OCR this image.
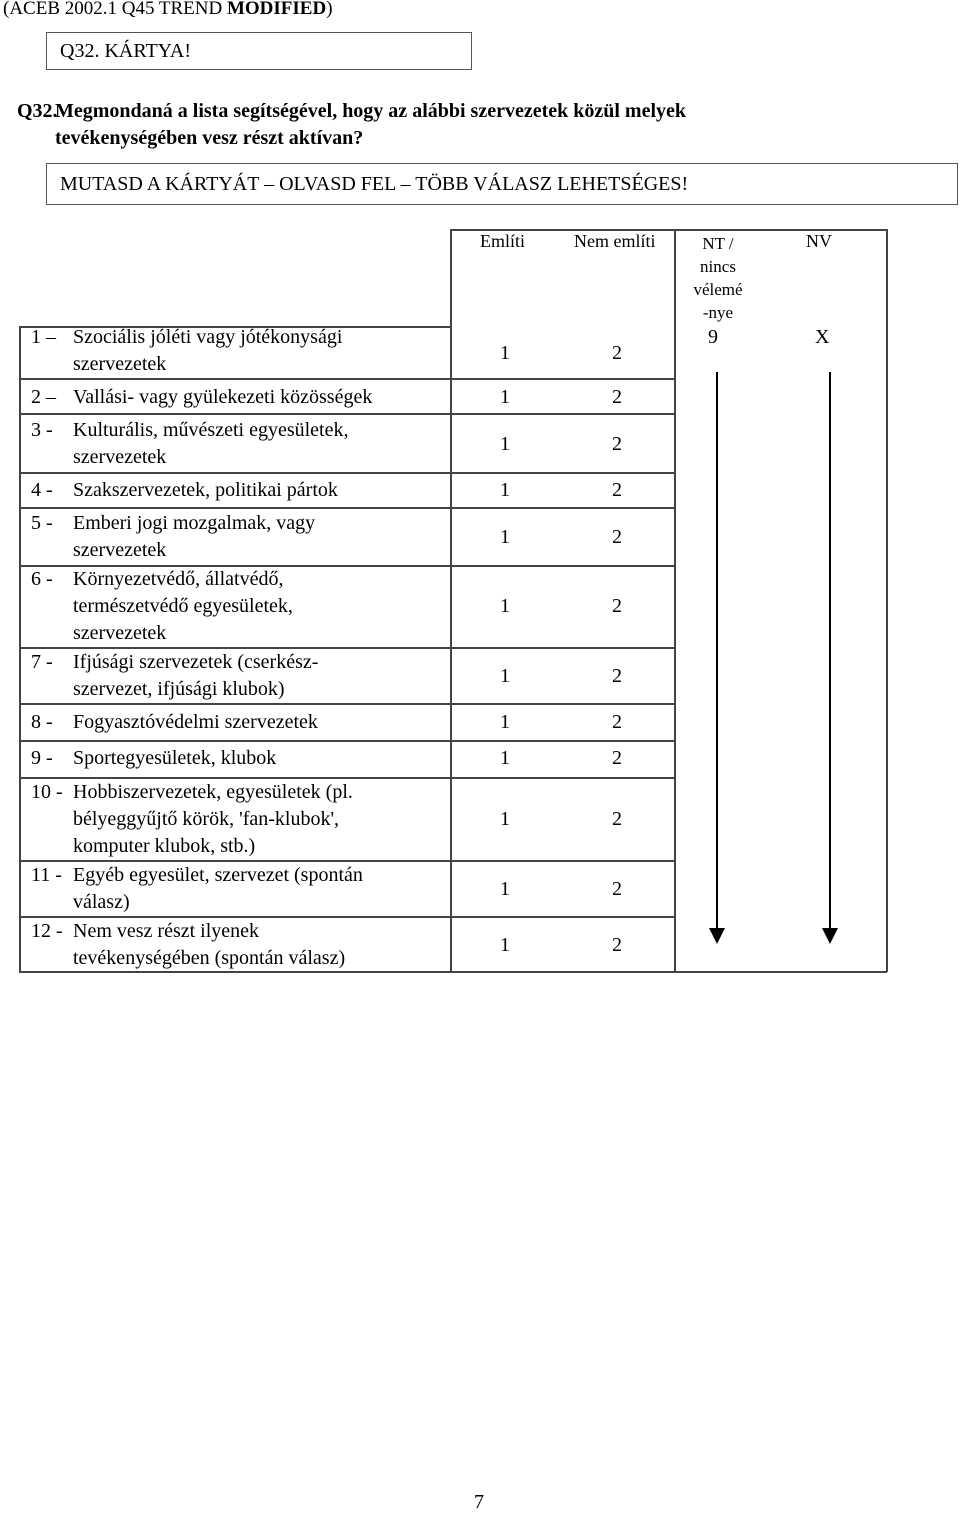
(ACEB 2002.1 Q45 TREND MODIFIED)
Q32. KÁRTYA!
Q32.Megmondaná a lista segítségével, hogy az alábbi szervezetek közül melyek
tevékenységében vesz részt aktívan?
MUTASD A KÁRTYÁT – OLVASD FEL – TÖBB VÁLASZ LEHETSÉGES!
Említi	Nem említi	NT /
nincs
vélemé
-nye
NV
9	X
1 – Szociális jóléti vagy jótékonysági
szervezetek	1	2
2 – Vallási- vagy gyülekezeti közösségek	1	2
3 - Kulturális, művészeti egyesületek,
szervezetek
1	2
4 - Szakszervezetek, politikai pártok	1	2
5 - Emberi jogi mozgalmak, vagy
szervezetek
1	2
6 - Környezetvédő, állatvédő,
természetvédő egyesületek,
szervezetek
1	2
7 - Ifjúsági szervezetek (cserkész-
szervezet, ifjúsági klubok)
1	2
8 - Fogyasztóvédelmi szervezetek	1	2
9 - Sportegyesületek, klubok	1	2
10 - Hobbiszervezetek, egyesületek (pl.
bélyeggyűjtő körök, 'fan-klubok',
komputer klubok, stb.)
1	2
11 - Egyéb egyesület, szervezet (spontán
válasz)
1	2
12 - Nem vesz részt ilyenek
tevékenységében (spontán válasz)
1	2
7
